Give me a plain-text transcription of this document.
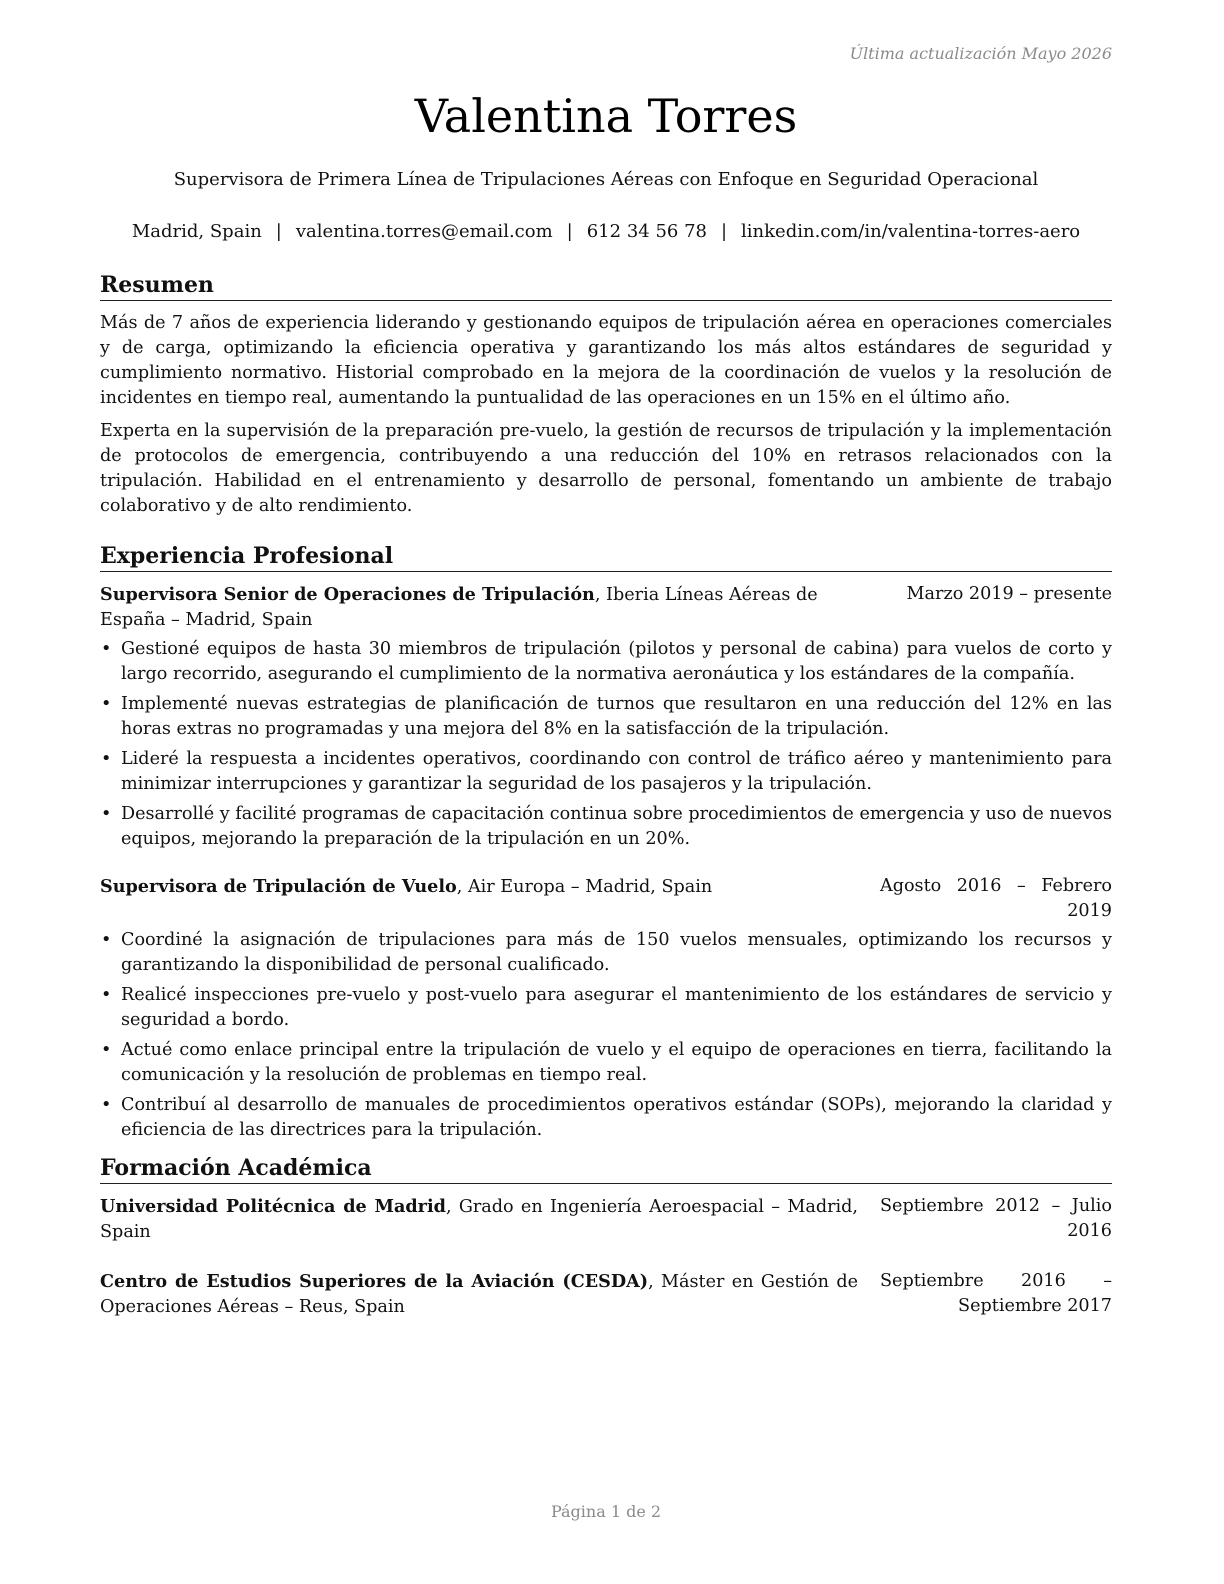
Última actualización Mayo 2026
Valentina Torres
Supervisora de Primera Línea de Tripulaciones Aéreas con Enfoque en Seguridad Operacional
Madrid, Spain | valentina.torres@email.com | 612 34 56 78 | linkedin.com/in/valentina-torres-aero
Resumen

Más de 7 años de experiencia liderando y gestionando equipos de tripulación aérea en operaciones comerciales y de carga, optimizando la eficiencia operativa y garantizando los más altos estándares de seguridad y cumplimiento normativo. Historial comprobado en la mejora de la coordinación de vuelos y la resolución de incidentes en tiempo real, aumentando la puntualidad de las operaciones en un 15% en el último año.

Experta en la supervisión de la preparación pre-vuelo, la gestión de recursos de tripulación y la implementación de protocolos de emergencia, contribuyendo a una reducción del 10% en retrasos relacionados con la tripulación. Habilidad en el entrenamiento y desarrollo de personal, fomentando un ambiente de trabajo colaborativo y de alto rendimiento.

Experiencia Profesional
Supervisora Senior de Operaciones de Tripulación, Iberia Líneas Aéreas de España – Madrid, Spain
Marzo 2019 – presente
• Gestioné equipos de hasta 30 miembros de tripulación (pilotos y personal de cabina) para vuelos de corto y largo recorrido, asegurando el cumplimiento de la normativa aeronáutica y los estándares de la compañía.
• Implementé nuevas estrategias de planificación de turnos que resultaron en una reducción del 12% en las horas extras no programadas y una mejora del 8% en la satisfacción de la tripulación.
• Lideré la respuesta a incidentes operativos, coordinando con control de tráfico aéreo y mantenimiento para minimizar interrupciones y garantizar la seguridad de los pasajeros y la tripulación.
• Desarrollé y facilité programas de capacitación continua sobre procedimientos de emergencia y uso de nuevos equipos, mejorando la preparación de la tripulación en un 20%.
Supervisora de Tripulación de Vuelo, Air Europa – Madrid, Spain	Agosto 2016 – Febrero 2019
• Coordiné la asignación de tripulaciones para más de 150 vuelos mensuales, optimizando los recursos y garantizando la disponibilidad de personal cualificado.
• Realicé inspecciones pre-vuelo y post-vuelo para asegurar el mantenimiento de los estándares de servicio y seguridad a bordo.
• Actué como enlace principal entre la tripulación de vuelo y el equipo de operaciones en tierra, facilitando la comunicación y la resolución de problemas en tiempo real.
• Contribuí al desarrollo de manuales de procedimientos operativos estándar (SOPs), mejorando la claridad y eficiencia de las directrices para la tripulación.
Formación Académica
Universidad Politécnica de Madrid, Grado en Ingeniería Aeroespacial – Madrid, Spain
Septiembre 2012 – Julio 2016
Centro de Estudios Superiores de la Aviación (CESDA), Máster en Gestión de Operaciones Aéreas – Reus, Spain
Septiembre 2016 – Septiembre 2017
Página 1 de 2
